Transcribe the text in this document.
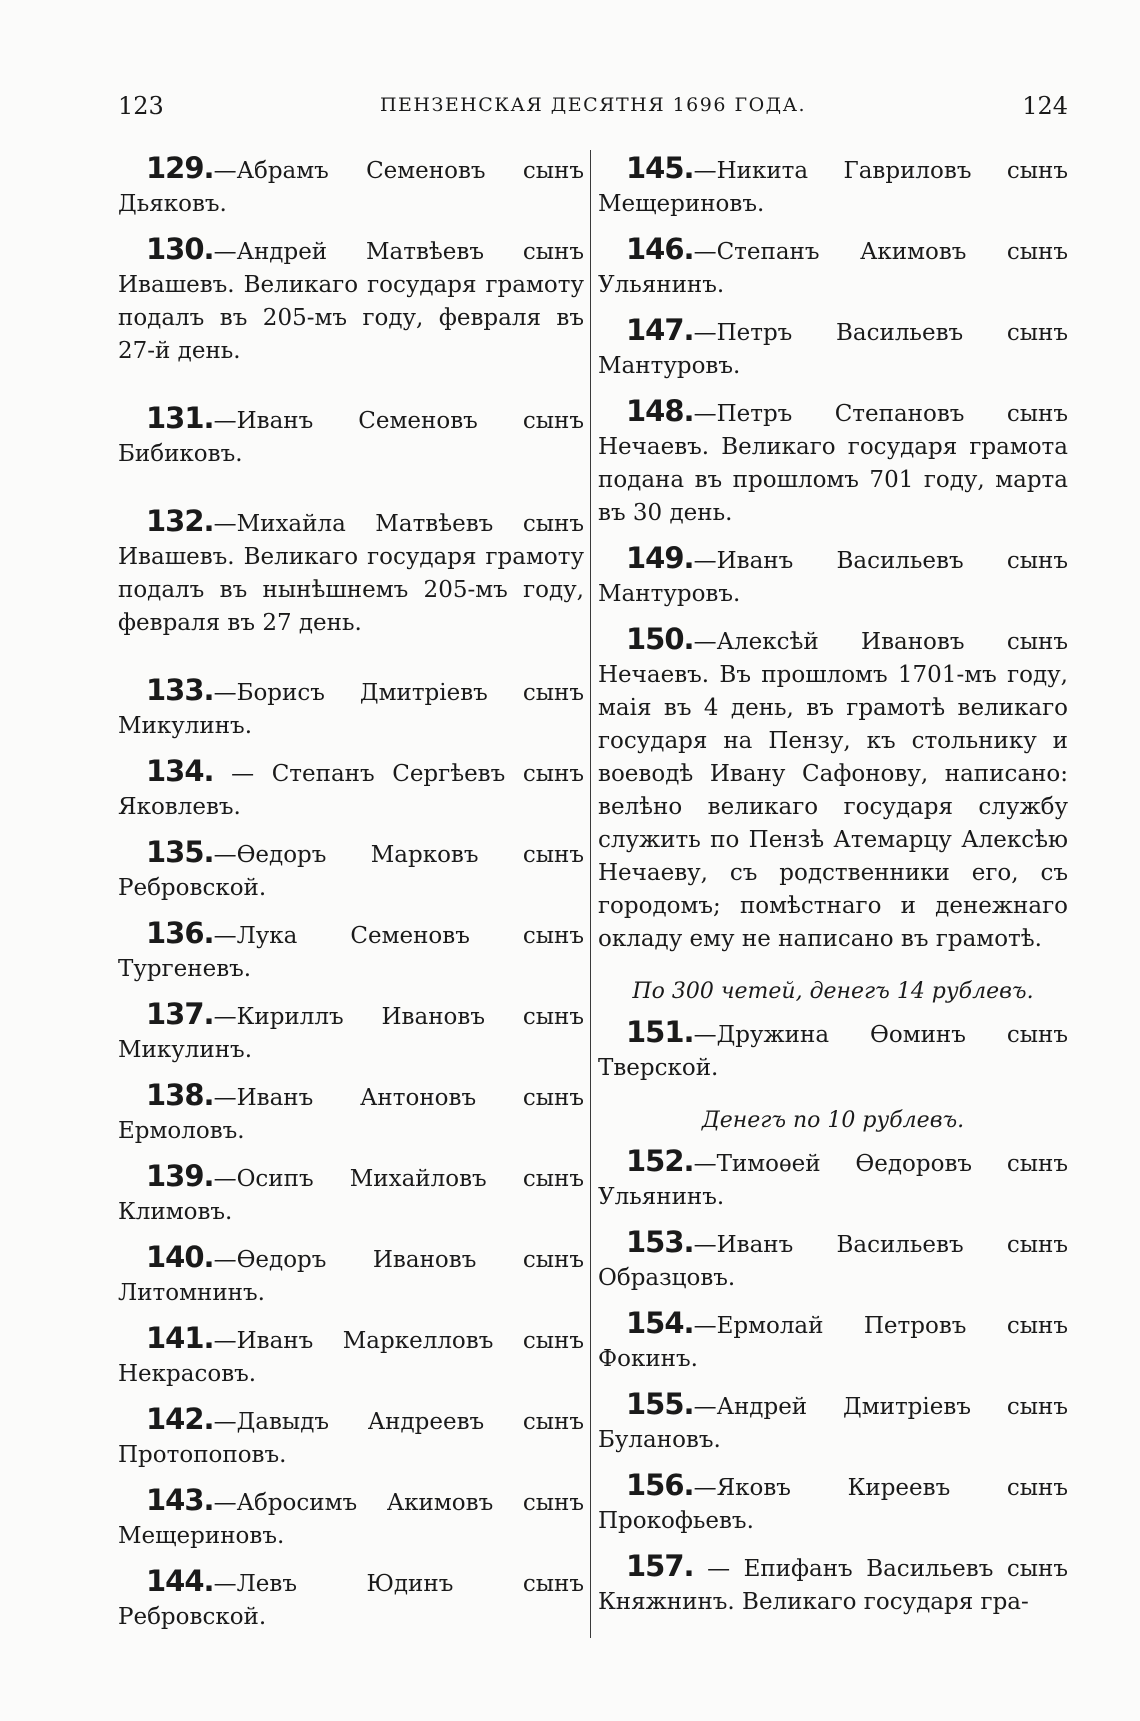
123	ПЕНЗЕНСКАЯ ДЕСЯТНЯ 1696 ГОДА.	124
129.—Абрамъ Семеновъ сынъ Дьяковъ.
130.—Андрей Матвѣевъ сынъ Ивашевъ. Великаго государя грамоту подалъ въ 205-мъ году, февраля въ 27-й день.
131.—Иванъ Семеновъ сынъ Бибиковъ.
132.—Михайла Матвѣевъ сынъ Ивашевъ. Великаго государя грамоту подалъ въ нынѣшнемъ 205-мъ году, февраля въ 27 день.
133.—Борисъ Дмитріевъ сынъ Микулинъ.
134. — Степанъ Сергѣевъ сынъ Яковлевъ.
135.—Ѳедоръ Марковъ сынъ Ребровской.
136.—Лука Семеновъ сынъ Тургеневъ.
137.—Кириллъ Ивановъ сынъ Микулинъ.
138.—Иванъ Антоновъ сынъ Ермоловъ.
139.—Осипъ Михайловъ сынъ Климовъ.
140.—Ѳедоръ Ивановъ сынъ Литомнинъ.
141.—Иванъ Маркелловъ сынъ Некрасовъ.
142.—Давыдъ Андреевъ сынъ Протопоповъ.
143.—Абросимъ Акимовъ сынъ Мещериновъ.
144.—Левъ Юдинъ сынъ Ребровской.
145.—Никита Гавриловъ сынъ Мещериновъ.
146.—Степанъ Акимовъ сынъ Ульянинъ.
147.—Петръ Васильевъ сынъ Мантуровъ.
148.—Петръ Степановъ сынъ Нечаевъ. Великаго государя грамота подана въ прошломъ 701 году, марта въ 30 день.
149.—Иванъ Васильевъ сынъ Мантуровъ.
150.—Алексѣй Ивановъ сынъ Нечаевъ. Въ прошломъ 1701-мъ году, маія въ 4 день, въ грамотѣ великаго государя на Пензу, къ стольнику и воеводѣ Ивану Сафонову, написано: велѣно великаго государя службу служить по Пензѣ Атемарцу Алексѣю Нечаеву, съ родственники его, съ городомъ; помѣстнаго и денежнаго окладу ему не написано въ грамотѣ.
По 300 четей, денегъ 14 рублевъ.
151.—Дружина Ѳоминъ сынъ Тверской.
Денегъ по 10 рублевъ.
152.—Тимоѳей Ѳедоровъ сынъ Ульянинъ.
153.—Иванъ Васильевъ сынъ Образцовъ.
154.—Ермолай Петровъ сынъ Фокинъ.
155.—Андрей Дмитріевъ сынъ Булановъ.
156.—Яковъ Киреевъ сынъ Прокофьевъ.
157. — Епифанъ Васильевъ сынъ Княжнинъ. Великаго государя гра-
